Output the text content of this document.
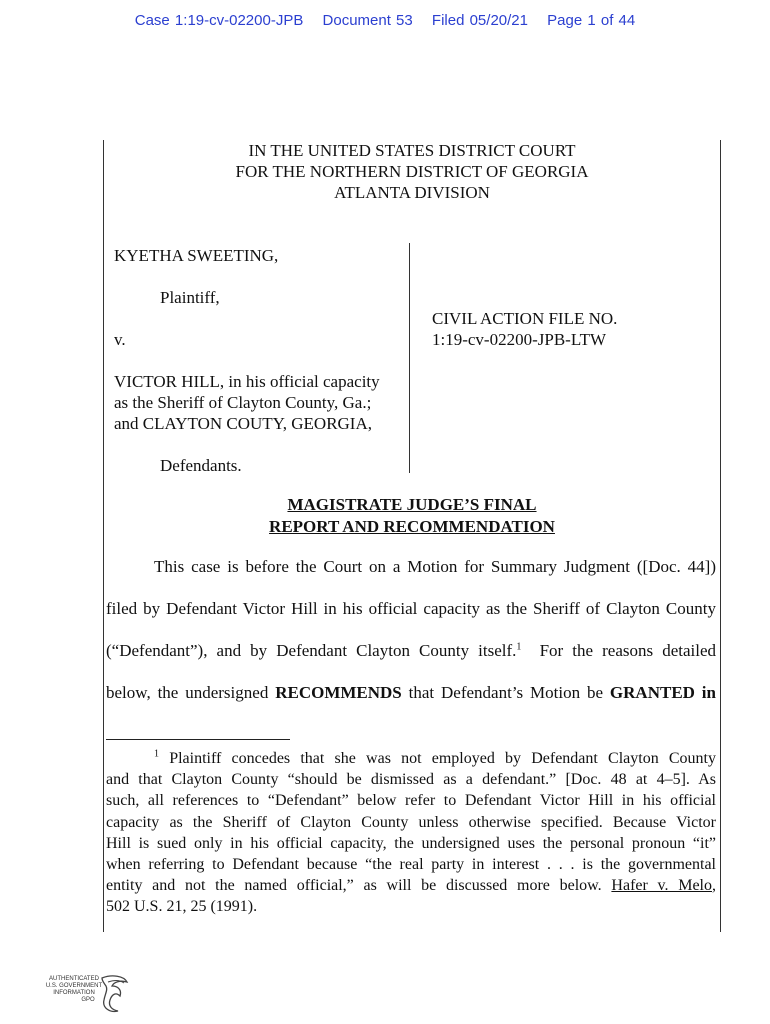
Case 1:19-cv-02200-JPB Document 53 Filed 05/20/21 Page 1 of 44
IN THE UNITED STATES DISTRICT COURT
FOR THE NORTHERN DISTRICT OF GEORGIA
ATLANTA DIVISION
KYETHA SWEETING,
Plaintiff,
v.
VICTOR HILL, in his official capacity
as the Sheriff of Clayton County, Ga.;
and CLAYTON COUTY, GEORGIA,
Defendants.
CIVIL ACTION FILE NO.
1:19-cv-02200-JPB-LTW
MAGISTRATE JUDGE’S FINAL
REPORT AND RECOMMENDATION
This case is before the Court on a Motion for Summary Judgment ([Doc. 44])
filed by Defendant Victor Hill in his official capacity as the Sheriff of Clayton County
(“Defendant”), and by Defendant Clayton County itself.$^1$ For the reasons detailed
below, the undersigned RECOMMENDS that Defendant’s Motion be GRANTED in
$^1$ Plaintiff concedes that she was not employed by Defendant Clayton County
and that Clayton County “should be dismissed as a defendant.” [Doc. 48 at 4–5]. As
such, all references to “Defendant” below refer to Defendant Victor Hill in his official
capacity as the Sheriff of Clayton County unless otherwise specified. Because Victor
Hill is sued only in his official capacity, the undersigned uses the personal pronoun “it”
when referring to Defendant because “the real party in interest . . . is the governmental
entity and not the named official,” as will be discussed more below. Hafer v. Melo,
502 U.S. 21, 25 (1991).
AUTHENTICATED
U.S. GOVERNMENT
INFORMATION
GPO
